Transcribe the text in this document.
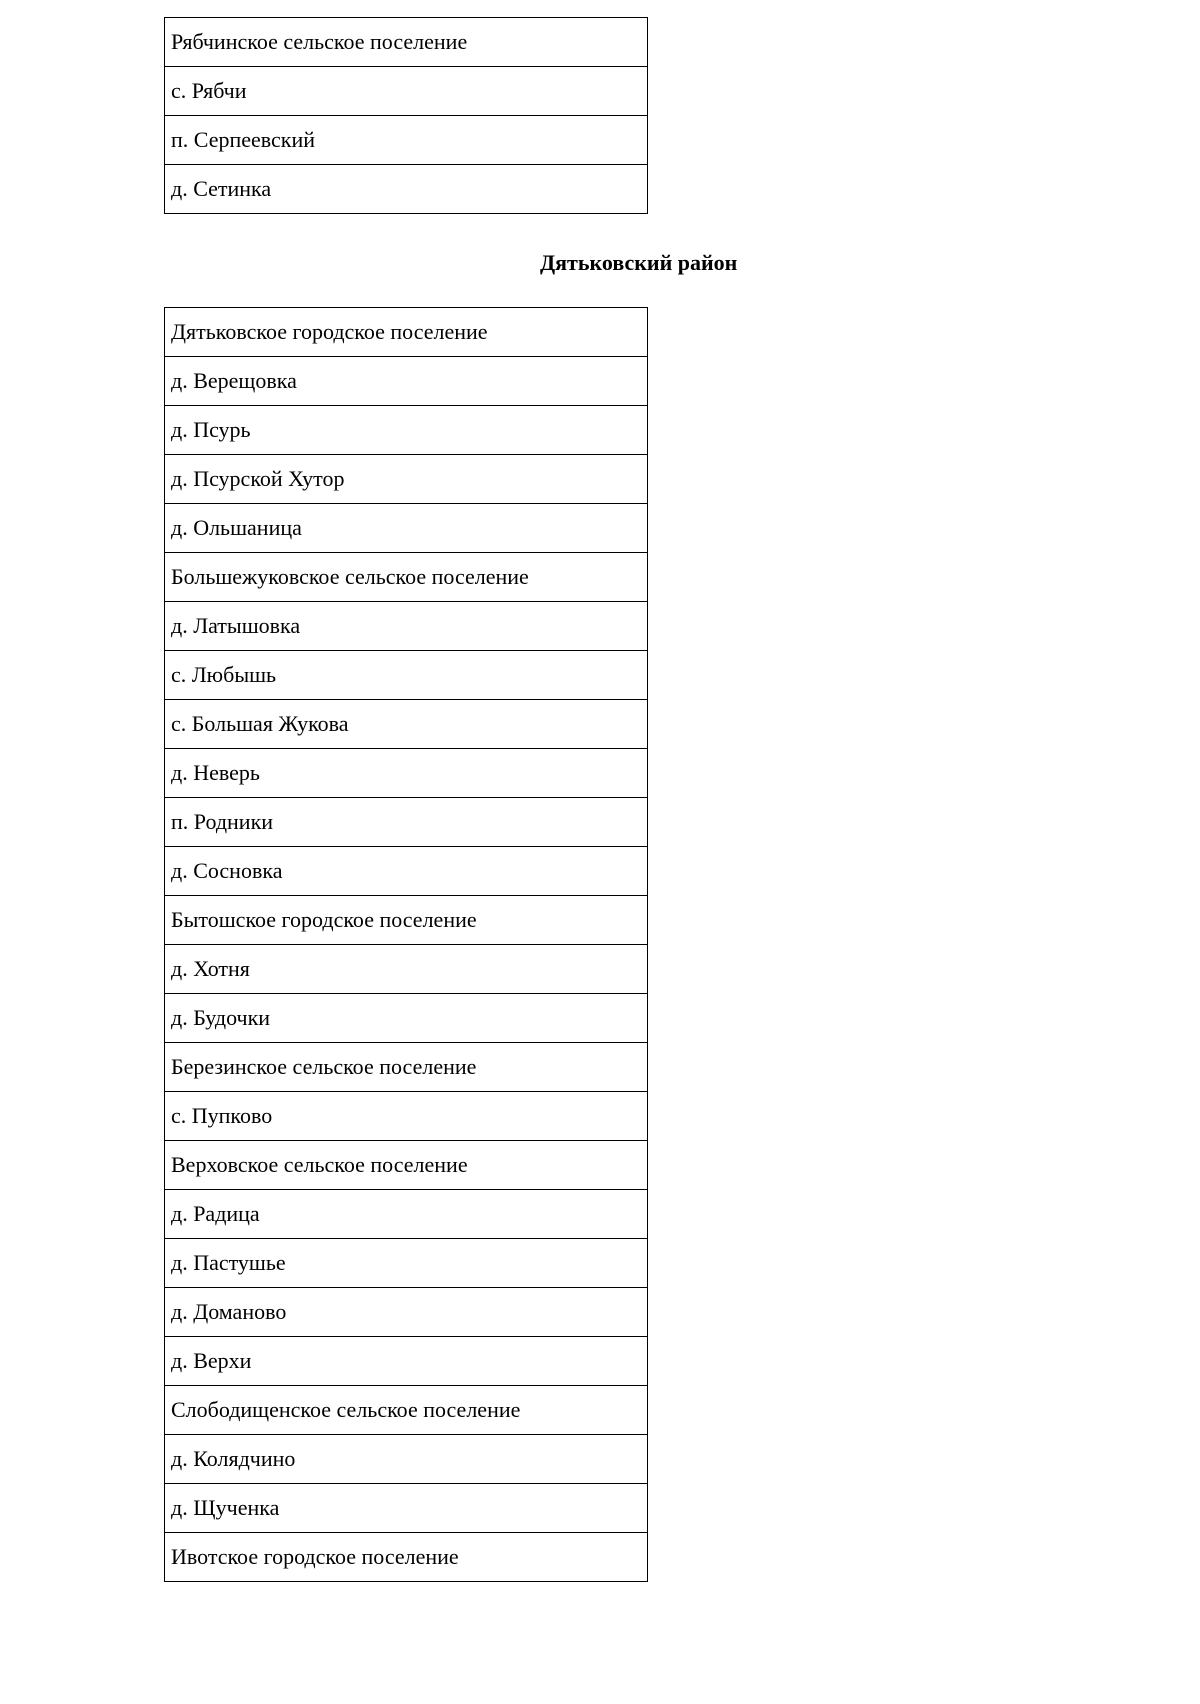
Рябчинское сельское поселение
с. Рябчи
п. Серпеевский
д. Сетинка
Дятьковский район
Дятьковское городское поселение
д. Верещовка
д. Псурь
д. Псурской Хутор
д. Ольшаница
Большежуковское сельское поселение
д. Латышовка
с. Любышь
с. Большая Жукова
д. Неверь
п. Родники
д. Сосновка
Бытошское городское поселение
д. Хотня
д. Будочки
Березинское сельское поселение
с. Пупково
Верховское сельское поселение
д. Радица
д. Пастушье
д. Доманово
д. Верхи
Слободищенское сельское поселение
д. Колядчино
д. Щученка
Ивотское городское поселение
